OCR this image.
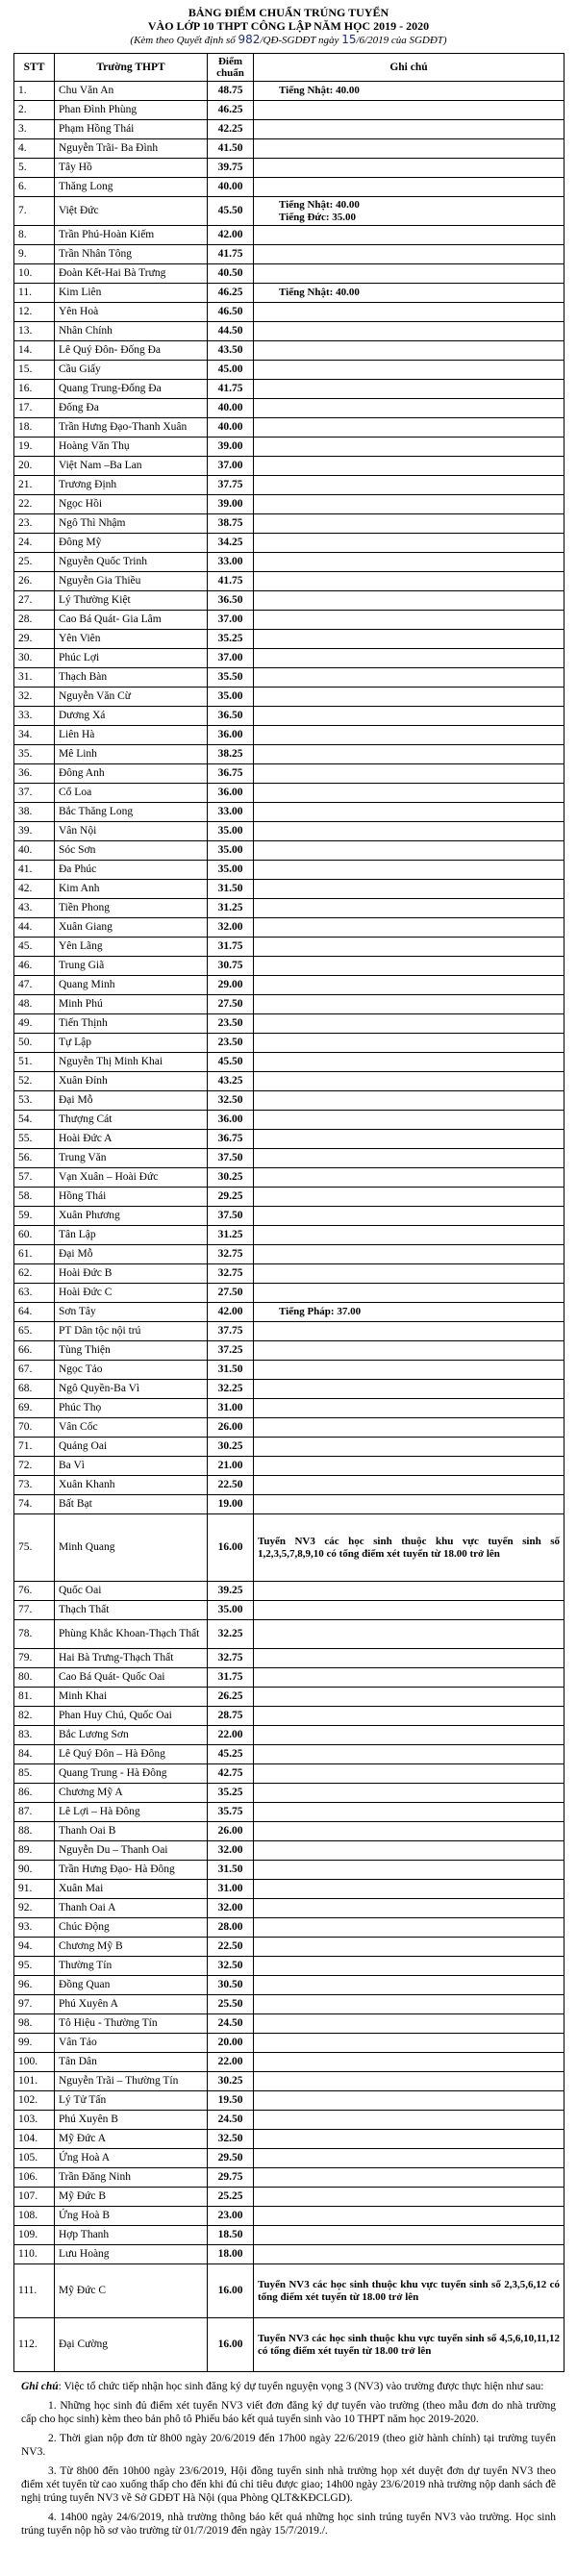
BẢNG ĐIỂM CHUẨN TRÚNG TUYỂN
VÀO LỚP 10 THPT CÔNG LẬP NĂM HỌC 2019 - 2020
(Kèm theo Quyết định số 982/QĐ-SGDĐT ngày 15/6/2019 của SGDĐT)
STT	Trường THPT	Điểm chuẩn	Ghi chú
1.	Chu Văn An	48.75	Tiếng Nhật: 40.00

2.	Phan Đình Phùng	46.25	
3.	Phạm Hồng Thái	42.25	
4.	Nguyễn Trãi- Ba Đình	41.50	
5.	Tây Hồ	39.75	
6.	Thăng Long	40.00	
7.	Việt Đức	45.50	Tiếng Nhật: 40.00
Tiếng Đức: 35.00

8.	Trần Phú-Hoàn Kiếm	42.00	
9.	Trần Nhân Tông	41.75	
10.	Đoàn Kết-Hai Bà Trưng	40.50	
11.	Kim Liên	46.25	Tiếng Nhật: 40.00

12.	Yên Hoà	46.50	
13.	Nhân Chính	44.50	
14.	Lê Quý Đôn- Đống Đa	43.50	
15.	Cầu Giấy	45.00	
16.	Quang Trung-Đống Đa	41.75	
17.	Đống Đa	40.00	
18.	Trần Hưng Đạo-Thanh Xuân	40.00	
19.	Hoàng Văn Thụ	39.00	
20.	Việt Nam –Ba Lan	37.00	
21.	Trương Định	37.75	
22.	Ngọc Hồi	39.00	
23.	Ngô Thì Nhậm	38.75	
24.	Đông Mỹ	34.25	
25.	Nguyễn Quốc Trinh	33.00	
26.	Nguyễn Gia Thiều	41.75	
27.	Lý Thường Kiệt	36.50	
28.	Cao Bá Quát- Gia Lâm	37.00	
29.	Yên Viên	35.25	
30.	Phúc Lợi	37.00	
31.	Thạch Bàn	35.50	
32.	Nguyễn Văn Cừ	35.00	
33.	Dương Xá	36.50	
34.	Liên Hà	36.00	
35.	Mê Linh	38.25	
36.	Đông Anh	36.75	
37.	Cổ Loa	36.00	
38.	Bắc Thăng Long	33.00	
39.	Vân Nội	35.00	
40.	Sóc Sơn	35.00	
41.	Đa Phúc	35.00	
42.	Kim Anh	31.50	
43.	Tiền Phong	31.25	
44.	Xuân Giang	32.00	
45.	Yên Lãng	31.75	
46.	Trung Giã	30.75	
47.	Quang Minh	29.00	
48.	Minh Phú	27.50	
49.	Tiến Thịnh	23.50	
50.	Tự Lập	23.50	
51.	Nguyễn Thị Minh Khai	45.50	
52.	Xuân Đỉnh	43.25	
53.	Đại Mỗ	32.50	
54.	Thượng Cát	36.00	
55.	Hoài Đức A	36.75	
56.	Trung Văn	37.50	
57.	Vạn Xuân – Hoài Đức	30.25	
58.	Hồng Thái	29.25	
59.	Xuân Phương	37.50	
60.	Tân Lập	31.25	
61.	Đại Mỗ	32.75	
62.	Hoài Đức B	32.75	
63.	Hoài Đức C	27.50	
64.	Sơn Tây	42.00	Tiếng Pháp: 37.00

65.	PT Dân tộc nội trú	37.75	
66.	Tùng Thiện	37.25	
67.	Ngọc Tảo	31.50	
68.	Ngô Quyền-Ba Vì	32.25	
69.	Phúc Thọ	31.00	
70.	Vân Cốc	26.00	
71.	Quảng Oai	30.25	
72.	Ba Vì	21.00	
73.	Xuân Khanh	22.50	
74.	Bất Bạt	19.00	
75.	Minh Quang	16.00	Tuyển NV3 các học sinh thuộc khu vực tuyển sinh số 1,2,3,5,7,8,9,10 có tổng điểm xét tuyển từ 18.00 trở lên
76.	Quốc Oai	39.25	
77.	Thạch Thất	35.00	
78.	Phùng Khắc Khoan-Thạch Thất	32.25	
79.	Hai Bà Trưng-Thạch Thất	32.75	
80.	Cao Bá Quát- Quốc Oai	31.75	
81.	Minh Khai	26.25	
82.	Phan Huy Chú, Quốc Oai	28.75	
83.	Bắc Lương Sơn	22.00	
84.	Lê Quý Đôn – Hà Đông	45.25	
85.	Quang Trung - Hà Đông	42.75	
86.	Chương Mỹ A	35.25	
87.	Lê Lợi – Hà Đông	35.75	
88.	Thanh Oai B	26.00	
89.	Nguyễn Du – Thanh Oai	32.00	
90.	Trần Hưng Đạo- Hà Đông	31.50	
91.	Xuân Mai	31.00	
92.	Thanh Oai A	32.00	
93.	Chúc Động	28.00	
94.	Chương Mỹ B	22.50	
95.	Thường Tín	32.50	
96.	Đồng Quan	30.50	
97.	Phú Xuyên A	25.50	
98.	Tô Hiệu - Thường Tín	24.50	
99.	Vân Tảo	20.00	
100.	Tân Dân	22.00	
101.	Nguyễn Trãi – Thường Tín	30.25	
102.	Lý Tử Tấn	19.50	
103.	Phú Xuyên B	24.50	
104.	Mỹ Đức A	32.50	
105.	Ứng Hoà A	29.50	
106.	Trần Đăng Ninh	29.75	
107.	Mỹ Đức B	25.25	
108.	Ứng Hoà B	23.00	
109.	Hợp Thanh	18.50	
110.	Lưu Hoàng	18.00	
111.	Mỹ Đức C	16.00	Tuyển NV3 các học sinh thuộc khu vực tuyển sinh số 2,3,5,6,12 có tổng điểm xét tuyển từ 18.00 trở lên
112.	Đại Cường	16.00	Tuyển NV3 các học sinh thuộc khu vực tuyển sinh số 4,5,6,10,11,12 có tổng điểm xét tuyển từ 18.00 trở lên

Ghi chú: Việc tổ chức tiếp nhận học sinh đăng ký dự tuyển nguyện vọng 3 (NV3) vào trường được thực hiện như sau:

1. Những học sinh đủ điểm xét tuyển NV3 viết đơn đăng ký dự tuyển vào trường (theo mẫu đơn do nhà trường cấp cho học sinh) kèm theo bản phô tô Phiếu báo kết quả tuyển sinh vào 10 THPT năm học 2019-2020.

2. Thời gian nộp đơn từ 8h00 ngày 20/6/2019 đến 17h00 ngày 22/6/2019 (theo giờ hành chính) tại trường tuyển NV3.

3. Từ 8h00 đến 10h00 ngày 23/6/2019, Hội đồng tuyển sinh nhà trường họp xét duyệt đơn dự tuyển NV3 theo điểm xét tuyển từ cao xuống thấp cho đến khi đủ chỉ tiêu được giao; 14h00 ngày 23/6/2019 nhà trường nộp danh sách đề nghị trúng tuyển NV3 về Sở GDĐT Hà Nội (qua Phòng QLT&KĐCLGD).

4. 14h00 ngày 24/6/2019, nhà trường thông báo kết quả những học sinh trúng tuyển NV3 vào trường. Học sinh trúng tuyển nộp hồ sơ vào trường từ 01/7/2019 đến ngày 15/7/2019./.
